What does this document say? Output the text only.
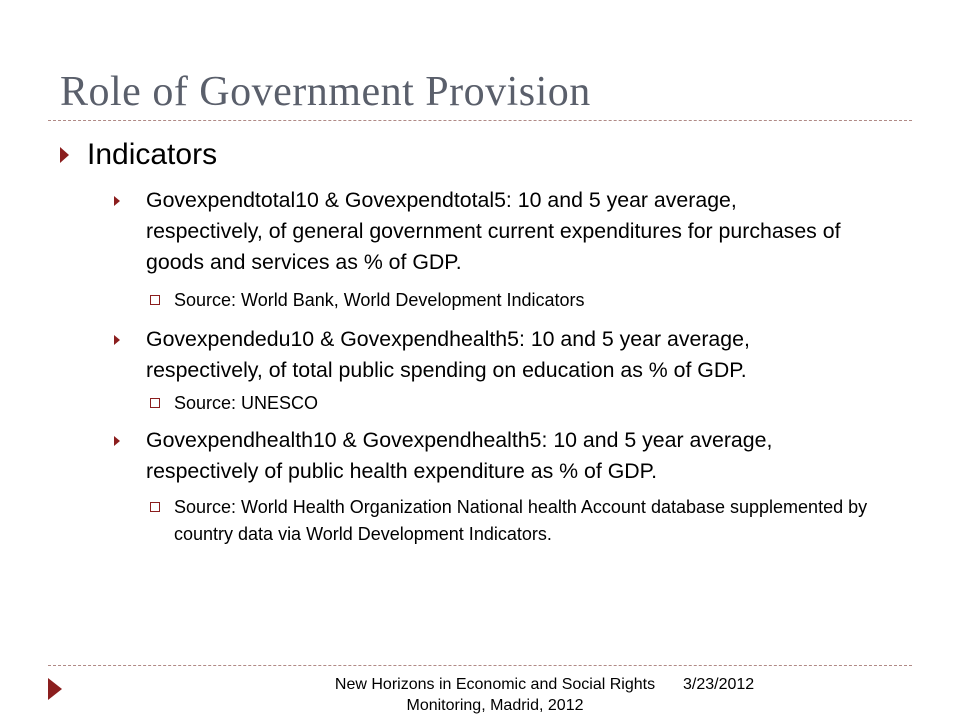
Role of Government Provision
Indicators
Govexpendtotal10 & Govexpendtotal5: 10 and 5 year average, respectively, of general government current expenditures for purchases of goods and services as % of GDP.
Source: World Bank, World Development Indicators
Govexpendedu10 & Govexpendhealth5: 10 and 5 year average, respectively, of total public spending on education as % of GDP.
Source: UNESCO
Govexpendhealth10 & Govexpendhealth5: 10 and 5 year average, respectively of public health expenditure as % of GDP.
Source: World Health Organization National health Account database supplemented by country data via World Development Indicators.
New Horizons in Economic and Social Rights Monitoring, Madrid, 2012
3/23/2012
